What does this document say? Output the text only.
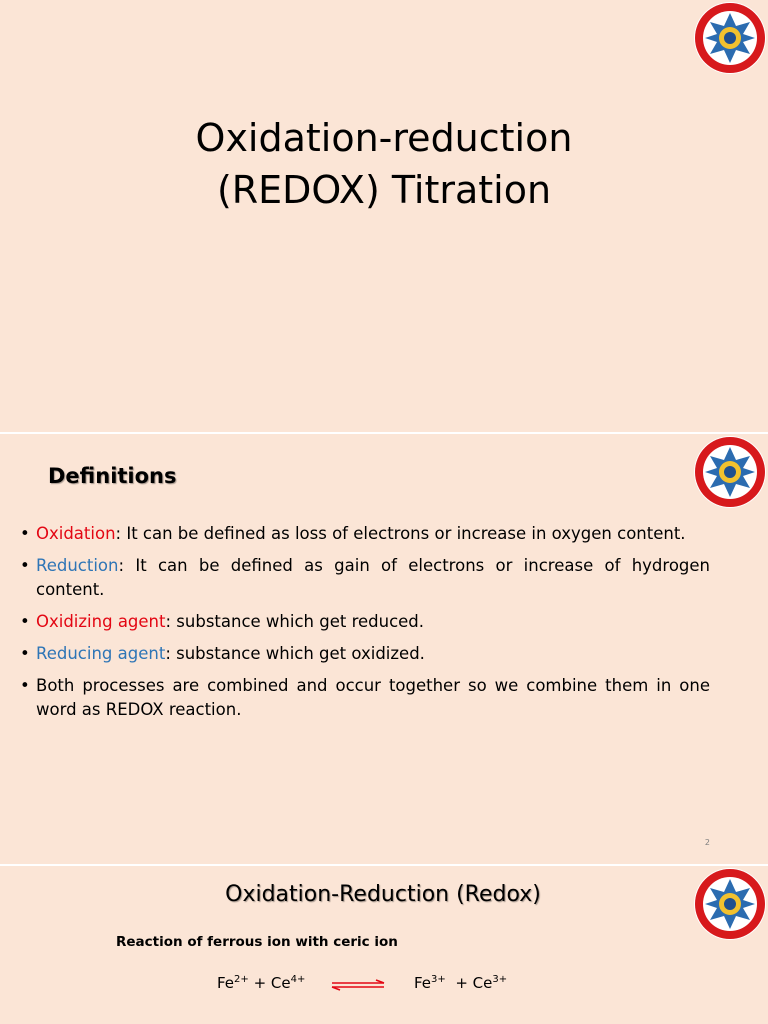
Oxidation-reduction
(REDOX) Titration
Definitions
• Oxidation: It can be defined as loss of electrons or increase in oxygen content.
• Reduction: It can be defined as gain of electrons or increase of hydrogen content.
• Oxidizing agent: substance which get reduced.
• Reducing agent: substance which get oxidized.
• Both processes are combined and occur together so we combine them in one word as REDOX reaction.
2
Oxidation-Reduction (Redox)
Reaction of ferrous ion with ceric ion
$Fe^{2+} + Ce^{4+}$	$Fe^{3+} + Ce^{3+}$
